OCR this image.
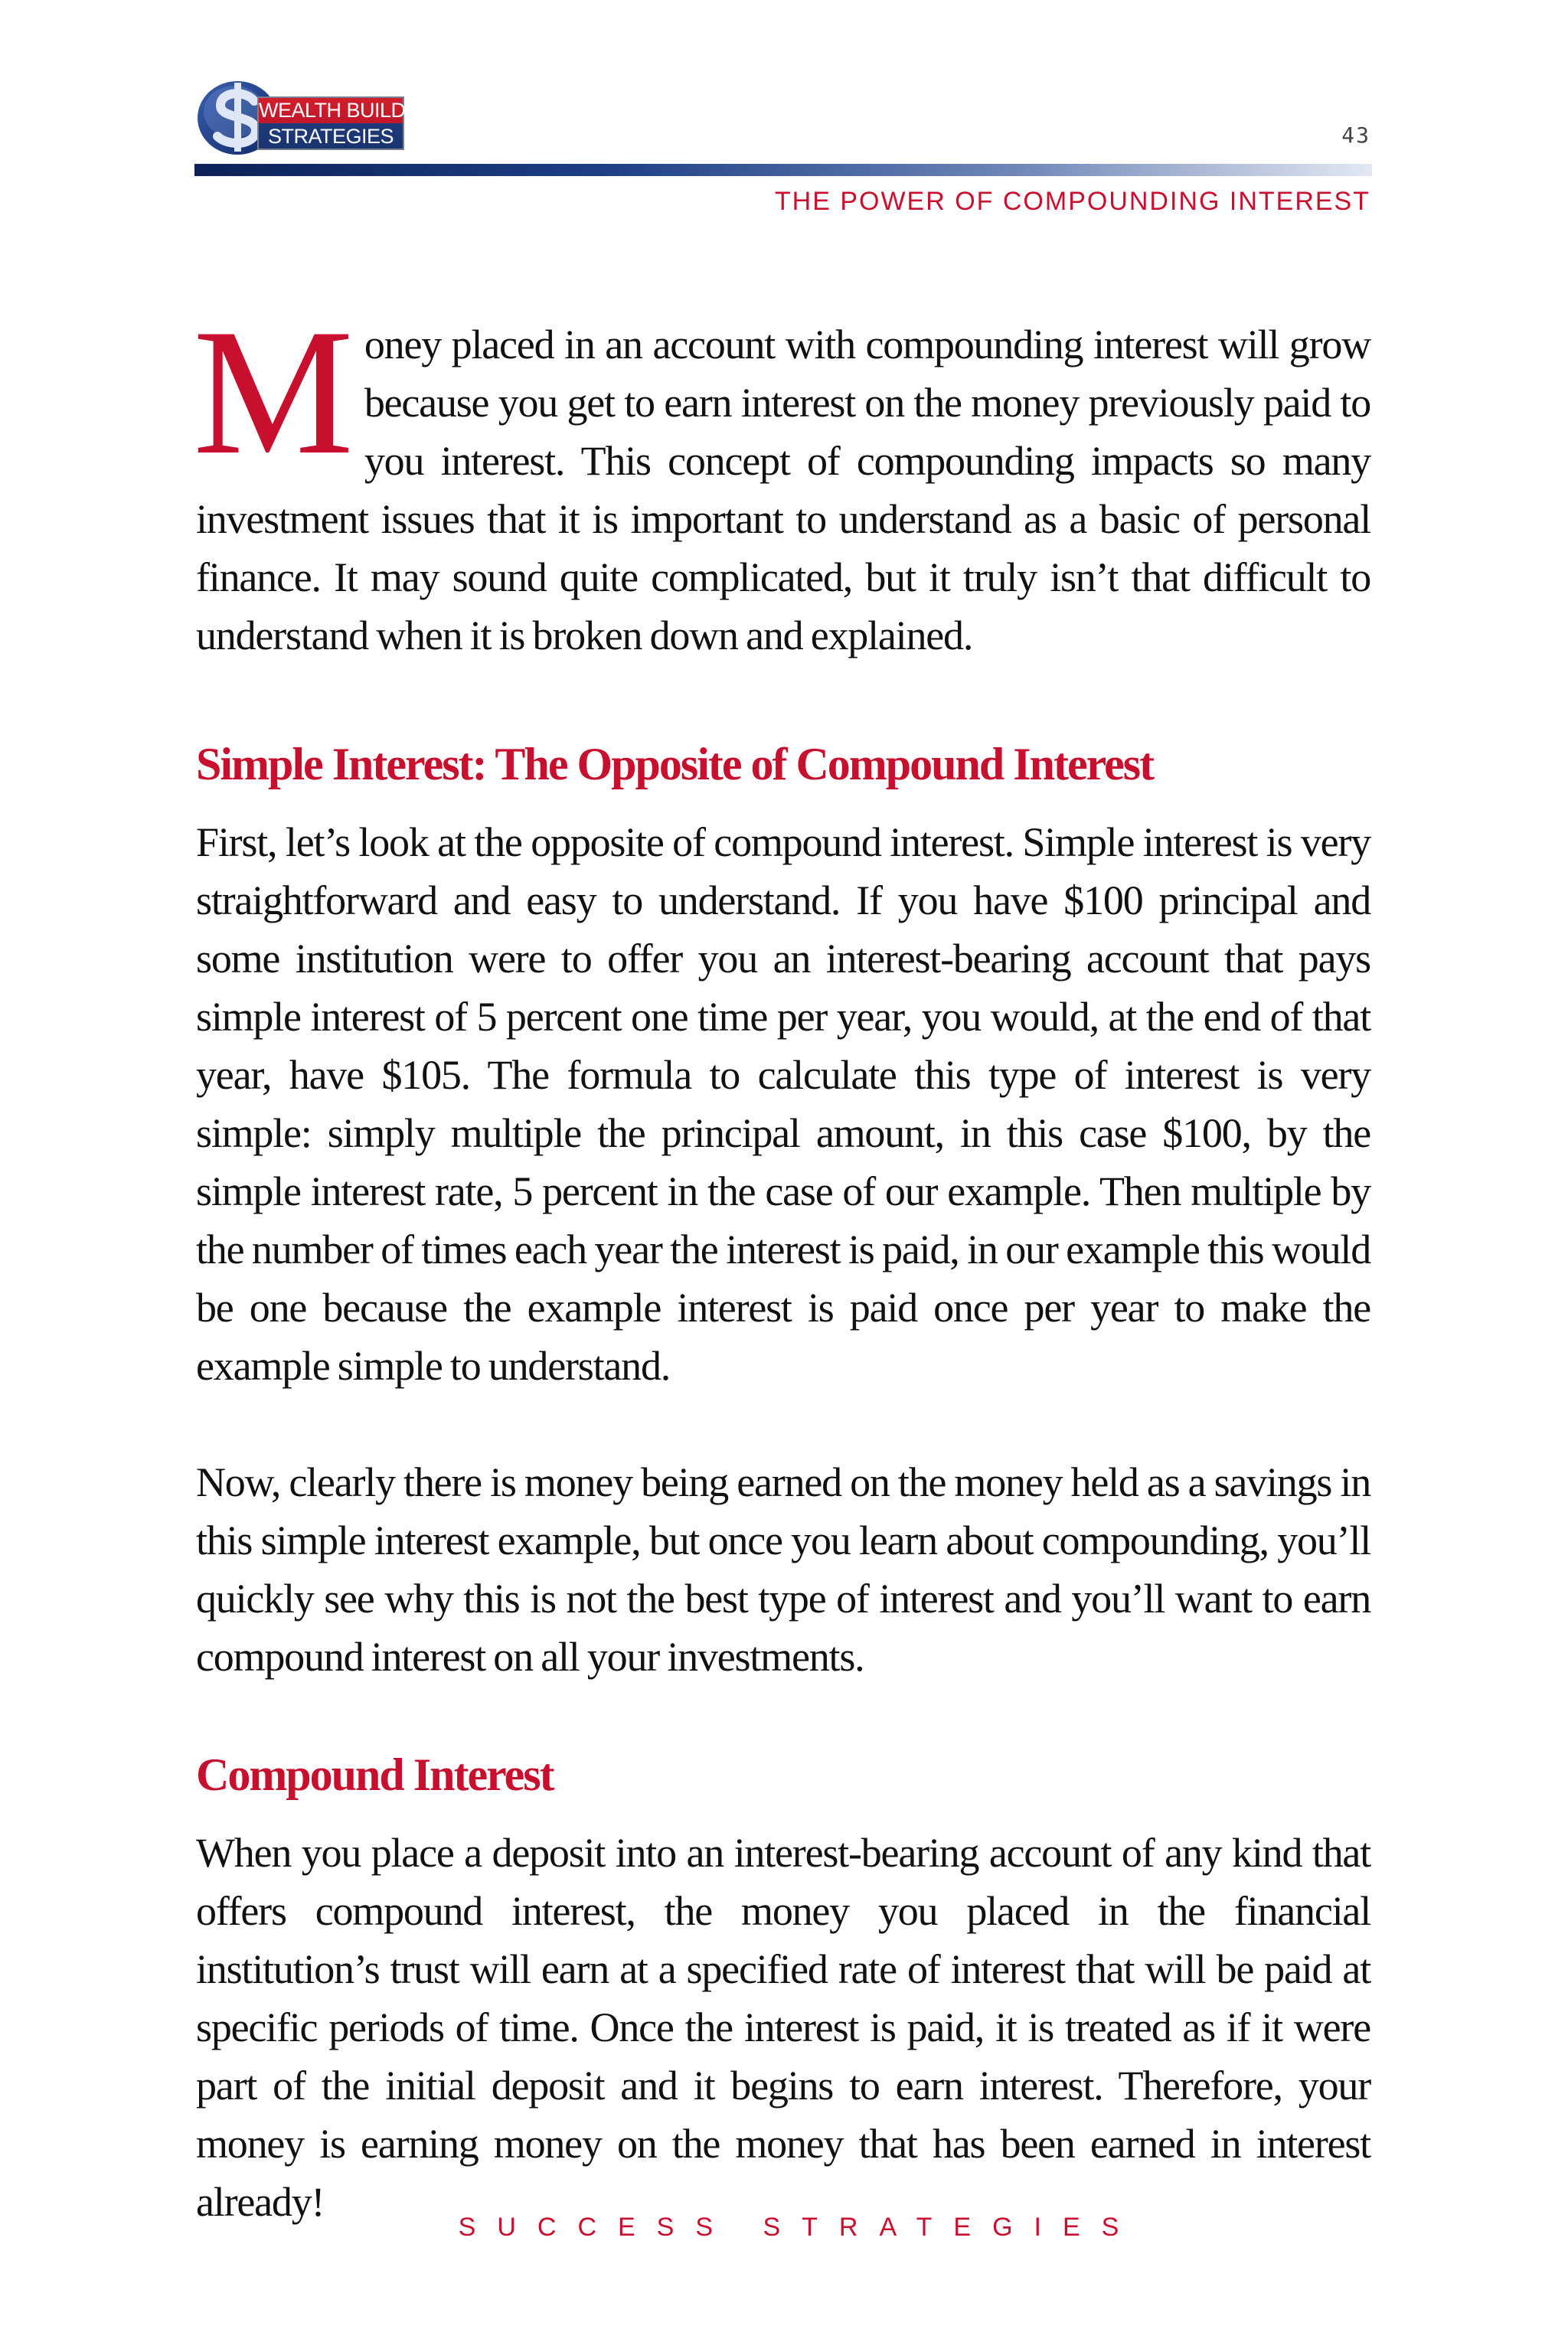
WEALTH BUILDING
STRATEGIES	43
THE POWER OF COMPOUNDING INTEREST

Money placed in an account with compounding interest will grow because you get to earn interest on the money previously paid to you interest. This concept of compounding impacts so many investment issues that it is important to understand as a basic of personal finance. It may sound quite complicated, but it truly isn’t that difficult to understand when it is broken down and explained.

Simple Interest: The Opposite of Compound Interest

First, let’s look at the opposite of compound interest. Simple interest is very straightforward and easy to understand. If you have $100 principal and some institution were to offer you an interest-bearing account that pays simple interest of 5 percent one time per year, you would, at the end of that year, have $105. The formula to calculate this type of interest is very simple: simply multiple the principal amount, in this case $100, by the simple interest rate, 5 percent in the case of our example. Then multiple by the number of times each year the interest is paid, in our example this would be one because the example interest is paid once per year to make the example simple to understand.

Now, clearly there is money being earned on the money held as a savings in this simple interest example, but once you learn about compounding, you’ll quickly see why this is not the best type of interest and you’ll want to earn compound interest on all your investments.

Compound Interest

When you place a deposit into an interest-bearing account of any kind that offers compound interest, the money you placed in the financial institution’s trust will earn at a specified rate of interest that will be paid at specific periods of time. Once the interest is paid, it is treated as if it were part of the initial deposit and it begins to earn interest. Therefore, your money is earning money on the money that has been earned in interest already!

SUCCESS STRATEGIES
